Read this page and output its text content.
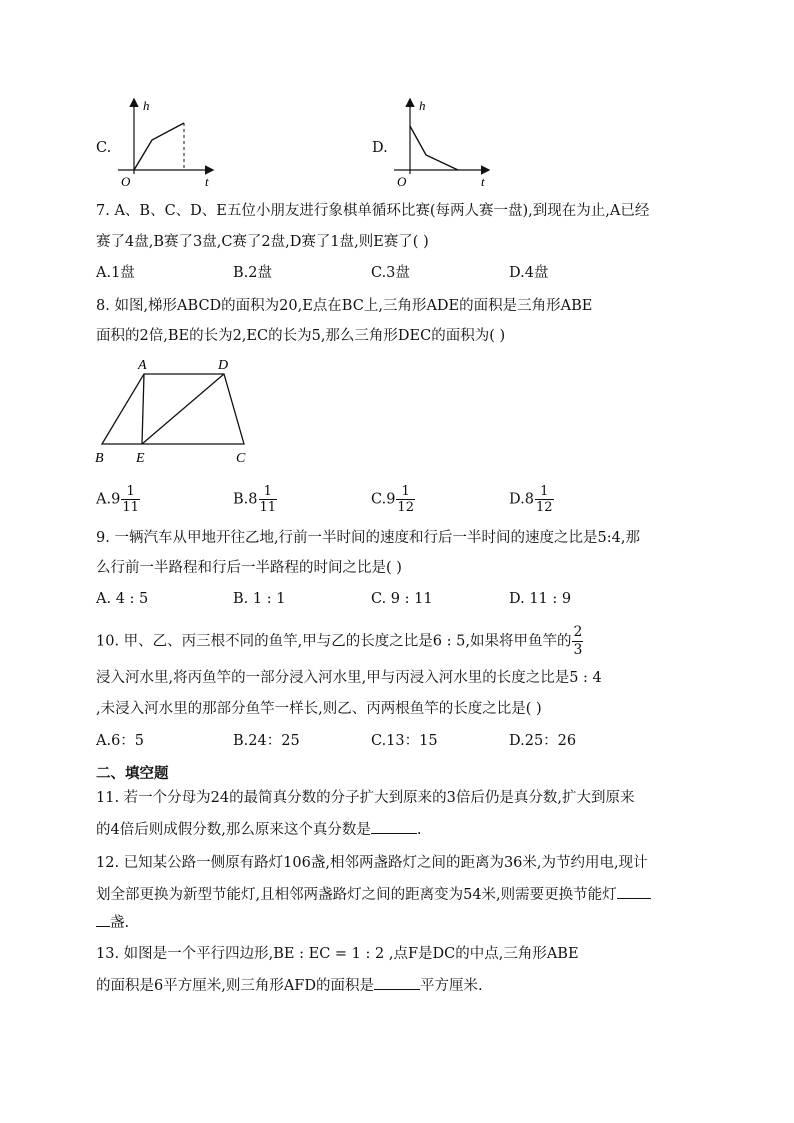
C.
h
t
O
D.
h
t
O
7. A、B、C、D、E五位小朋友进行象棋单循环比赛(每两人赛一盘),到现在为止,A已经
赛了4盘,B赛了3盘,C赛了2盘,D赛了1盘,则E赛了( )
A.1盘	B.2盘	C.3盘	D.4盘
8. 如图,梯形ABCD的面积为20,E点在BC上,三角形ADE的面积是三角形ABE
面积的2倍,BE的长为2,EC的长为5,那么三角形DEC的面积为( )
A	D
B E	C
$A.9 \frac{1}{11}$	$B.8 \frac{1}{11}$	$C.9 \frac{1}{12}$	$D.8 \frac{1}{12}$
9. 一辆汽车从甲地开往乙地,行前一半时间的速度和行后一半时间的速度之比是5:4,那
么行前一半路程和行后一半路程的时间之比是( )
A. 4 : 5	B. 1 : 1	C. 9 : 11	D. 11 : 9
10. 甲、乙、丙三根不同的鱼竿,甲与乙的长度之比是6 : 5,如果将甲鱼竿的 $\frac{2}{3}$
浸入河水里,将丙鱼竿的一部分浸入河水里,甲与丙浸入河水里的长度之比是5 : 4
,未浸入河水里的那部分鱼竿一样长,则乙、丙两根鱼竿的长度之比是( )
A.6：5	B.24：25	C.13：15	D.25：26
二、填空题
11. 若一个分母为24的最简真分数的分子扩大到原来的3倍后仍是真分数,扩大到原来
的4倍后则成假分数,那么原来这个真分数是	.
12. 已知某公路一侧原有路灯106盏,相邻两盏路灯之间的距离为36米,为节约用电,现计
划全部更换为新型节能灯,且相邻两盏路灯之间的距离变为54米,则需要更换节能灯
盏.
13. 如图是一个平行四边形,BE : EC = 1 : 2 ,点F是DC的中点,三角形ABE
的面积是6平方厘米,则三角形AFD的面积是	平方厘米.
